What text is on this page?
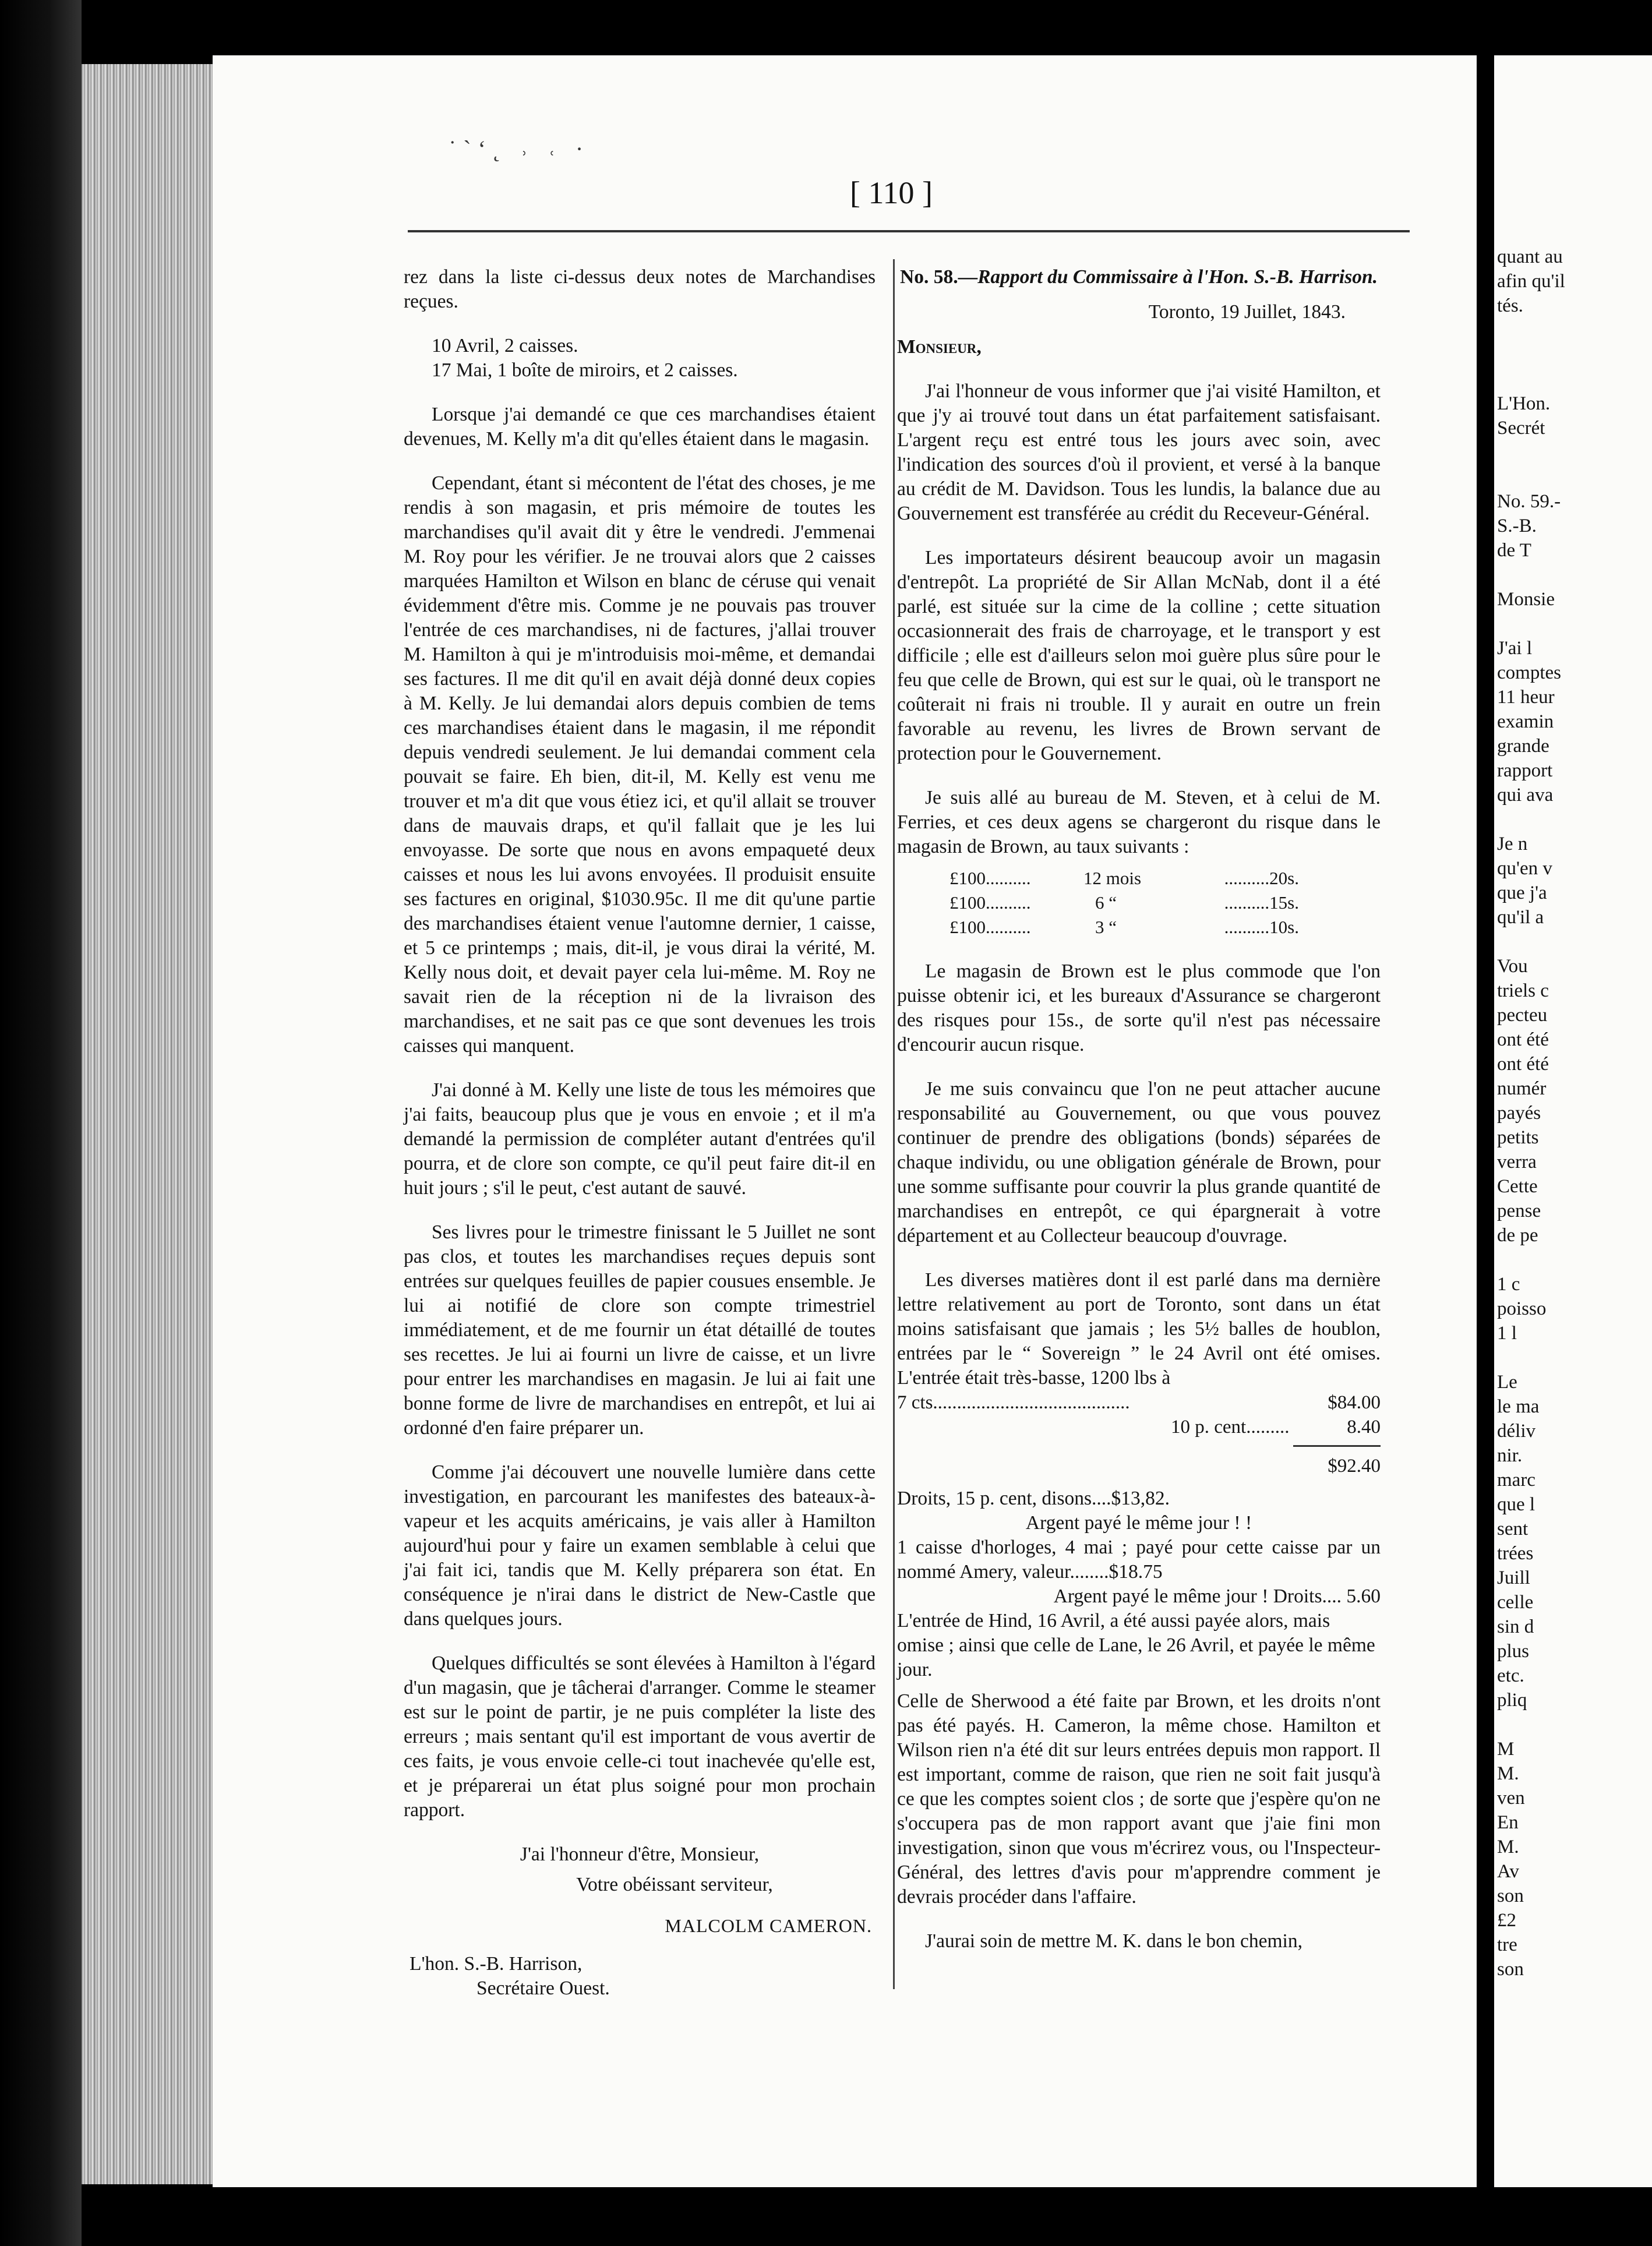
˙ˋ‘˛ ˒ ˓ ·
[ 110 ]

rez dans la liste ci-dessus deux notes de Marchandises reçues.

10 Avril, 2 caisses.
17 Mai, 1 boîte de miroirs, et 2 caisses.

Lorsque j'ai demandé ce que ces marchandises étaient devenues, M. Kelly m'a dit qu'elles étaient dans le magasin.

Cependant, étant si mécontent de l'état des choses, je me rendis à son magasin, et pris mémoire de toutes les marchandises qu'il avait dit y être le vendredi. J'emmenai M. Roy pour les vérifier. Je ne trouvai alors que 2 caisses marquées Hamilton et Wilson en blanc de céruse qui venait évidemment d'être mis. Comme je ne pouvais pas trouver l'entrée de ces marchandises, ni de factures, j'allai trouver M. Hamilton à qui je m'introduisis moi-même, et demandai ses factures. Il me dit qu'il en avait déjà donné deux copies à M. Kelly. Je lui demandai alors depuis combien de tems ces marchandises étaient dans le magasin, il me répondit depuis vendredi seulement. Je lui demandai comment cela pouvait se faire. Eh bien, dit-il, M. Kelly est venu me trouver et m'a dit que vous étiez ici, et qu'il allait se trouver dans de mauvais draps, et qu'il fallait que je les lui envoyasse. De sorte que nous en avons empaqueté deux caisses et nous les lui avons envoyées. Il produisit ensuite ses factures en original, $1030.95c. Il me dit qu'une partie des marchandises étaient venue l'automne dernier, 1 caisse, et 5 ce printemps ; mais, dit-il, je vous dirai la vérité, M. Kelly nous doit, et devait payer cela lui-même. M. Roy ne savait rien de la réception ni de la livraison des marchandises, et ne sait pas ce que sont devenues les trois caisses qui manquent.

J'ai donné à M. Kelly une liste de tous les mémoires que j'ai faits, beaucoup plus que je vous en envoie ; et il m'a demandé la permission de compléter autant d'entrées qu'il pourra, et de clore son compte, ce qu'il peut faire dit-il en huit jours ; s'il le peut, c'est autant de sauvé.

Ses livres pour le trimestre finissant le 5 Juillet ne sont pas clos, et toutes les marchandises reçues depuis sont entrées sur quelques feuilles de papier cousues ensemble. Je lui ai notifié de clore son compte trimestriel immédiatement, et de me fournir un état détaillé de toutes ses recettes. Je lui ai fourni un livre de caisse, et un livre pour entrer les marchandises en magasin. Je lui ai fait une bonne forme de livre de marchandises en entrepôt, et lui ai ordonné d'en faire préparer un.

Comme j'ai découvert une nouvelle lumière dans cette investigation, en parcourant les manifestes des bateaux-à-vapeur et les acquits américains, je vais aller à Hamilton aujourd'hui pour y faire un examen semblable à celui que j'ai fait ici, tandis que M. Kelly préparera son état. En conséquence je n'irai dans le district de New-Castle que dans quelques jours.

Quelques difficultés se sont élevées à Hamilton à l'égard d'un magasin, que je tâcherai d'arranger. Comme le steamer est sur le point de partir, je ne puis compléter la liste des erreurs ; mais sentant qu'il est important de vous avertir de ces faits, je vous envoie celle-ci tout inachevée qu'elle est, et je préparerai un état plus soigné pour mon prochain rapport.

J'ai l'honneur d'être, Monsieur,
Votre obéissant serviteur,
MALCOLM CAMERON.
L'hon. S.-B. Harrison,
Secrétaire Ouest.
No. 58.—Rapport du Commissaire à l'Hon. S.-B. Harrison.
Toronto, 19 Juillet, 1843.
Monsieur,

J'ai l'honneur de vous informer que j'ai visité Hamilton, et que j'y ai trouvé tout dans un état parfaitement satisfaisant. L'argent reçu est entré tous les jours avec soin, avec l'indication des sources d'où il provient, et versé à la banque au crédit de M. Davidson. Tous les lundis, la balance due au Gouvernement est transférée au crédit du Receveur-Général.

Les importateurs désirent beaucoup avoir un magasin d'entrepôt. La propriété de Sir Allan McNab, dont il a été parlé, est située sur la cime de la colline ; cette situation occasionnerait des frais de charroyage, et le transport y est difficile ; elle est d'ailleurs selon moi guère plus sûre pour le feu que celle de Brown, qui est sur le quai, où le transport ne coûterait ni frais ni trouble. Il y aurait en outre un frein favorable au revenu, les livres de Brown servant de protection pour le Gouvernement.

Je suis allé au bureau de M. Steven, et à celui de M. Ferries, et ces deux agens se chargeront du risque dans le magasin de Brown, au taux suivants :

£100..........	12 mois	..........20s.
£100..........	6 “	..........15s.
£100..........	3 “	..........10s.

Le magasin de Brown est le plus commode que l'on puisse obtenir ici, et les bureaux d'Assurance se chargeront des risques pour 15s., de sorte qu'il n'est pas nécessaire d'encourir aucun risque.

Je me suis convaincu que l'on ne peut attacher aucune responsabilité au Gouvernement, ou que vous pouvez continuer de prendre des obligations (bonds) séparées de chaque individu, ou une obligation générale de Brown, pour une somme suffisante pour couvrir la plus grande quantité de marchandises en entrepôt, ce qui épargnerait à votre département et au Collecteur beaucoup d'ouvrage.

Les diverses matières dont il est parlé dans ma dernière lettre relativement au port de Toronto, sont dans un état moins satisfaisant que jamais ; les 5½ balles de houblon, entrées par le “ Sovereign ” le 24 Avril ont été omises. L'entrée était très-basse, 1200 lbs à

7 cts.........................................	$84.00
10 p. cent.........	8.40
$92.40
Droits, 15 p. cent, disons....$13,82.
Argent payé le même jour ! !
1 caisse d'horloges, 4 mai ; payé pour cette caisse par un nommé Amery, valeur........$18.75
Argent payé le même jour ! Droits.... 5.60
L'entrée de Hind, 16 Avril, a été aussi payée alors, mais omise ; ainsi que celle de Lane, le 26 Avril, et payée le même jour.

Celle de Sherwood a été faite par Brown, et les droits n'ont pas été payés. H. Cameron, la même chose. Hamilton et Wilson rien n'a été dit sur leurs entrées depuis mon rapport. Il est important, comme de raison, que rien ne soit fait jusqu'à ce que les comptes soient clos ; de sorte que j'espère qu'on ne s'occupera pas de mon rapport avant que j'aie fini mon investigation, sinon que vous m'écrirez vous, ou l'Inspecteur-Général, des lettres d'avis pour m'apprendre comment je devrais procéder dans l'affaire.

J'aurai soin de mettre M. K. dans le bon chemin,

quant au
afin qu'il
tés.
L'Hon.
Secrét
No. 59.-
S.-B.
de T
Monsie
J'ai l
comptes
11 heur
examin
grande
rapport
qui ava
Je n
qu'en v
que j'a
qu'il a
Vou
triels c
pecteu
ont été
ont été
numér
payés
petits
verra
Cette
pense
de pe
1 c
poisso
1 l
Le
le ma
déliv
nir.
marc
que l
sent
trées
Juill
celle
sin d
plus
etc.
pliq
M
M.
ven
En
M.
Av
son
£2
tre
son
